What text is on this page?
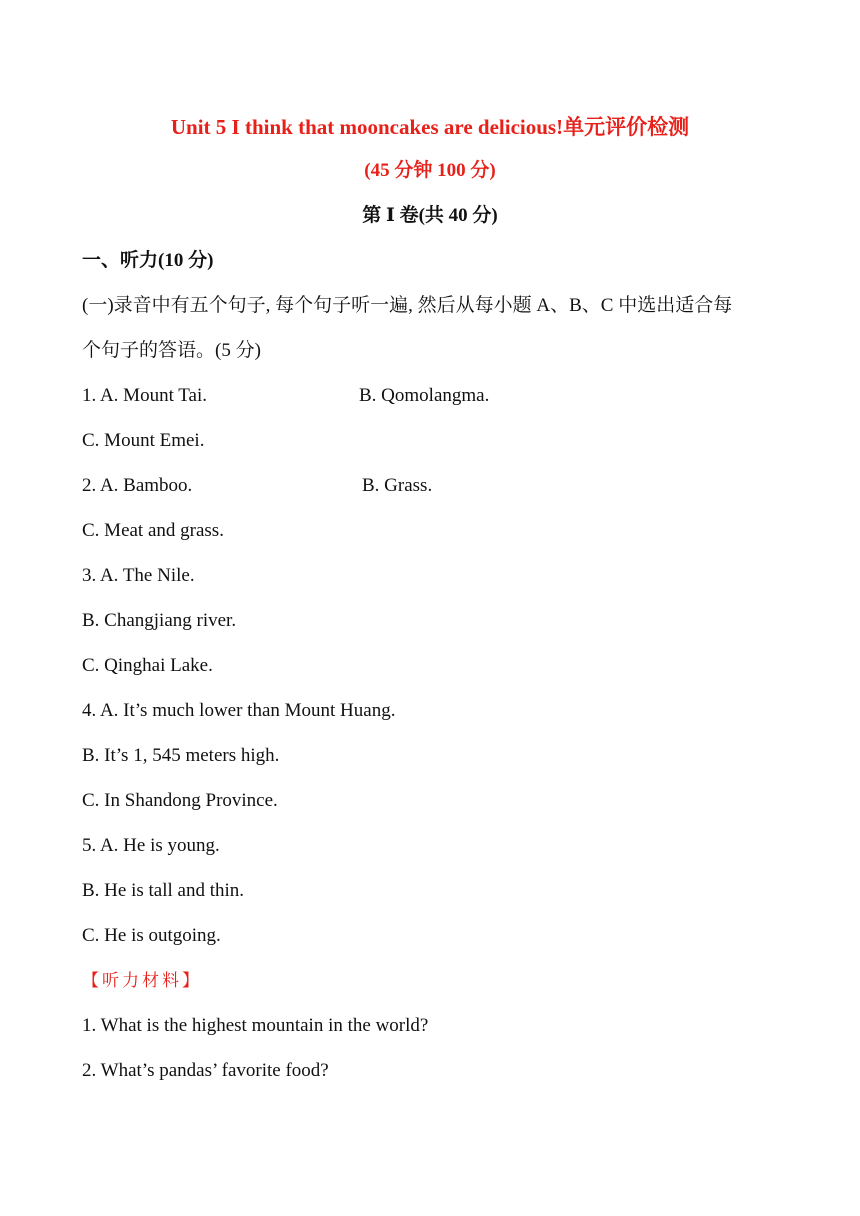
Unit 5 I think that mooncakes are delicious!单元评价检测
(45 分钟 100 分)
第 Ⅰ 卷(共 40 分)
一、听力(10 分)
(一)录音中有五个句子, 每个句子听一遍, 然后从每小题 A、B、C 中选出适合每
个句子的答语。(5 分)
1. A. Mount Tai.	B. Qomolangma.
C. Mount Emei.
2. A. Bamboo.	B. Grass.
C. Meat and grass.
3. A. The Nile.
B. Changjiang river.
C. Qinghai Lake.
4. A. It’s much lower than Mount Huang.
B. It’s 1, 545 meters high.
C. In Shandong Province.
5. A. He is young.
B. He is tall and thin.
C. He is outgoing.
【听力材料】
1. What is the highest mountain in the world?
2. What’s pandas’ favorite food?
